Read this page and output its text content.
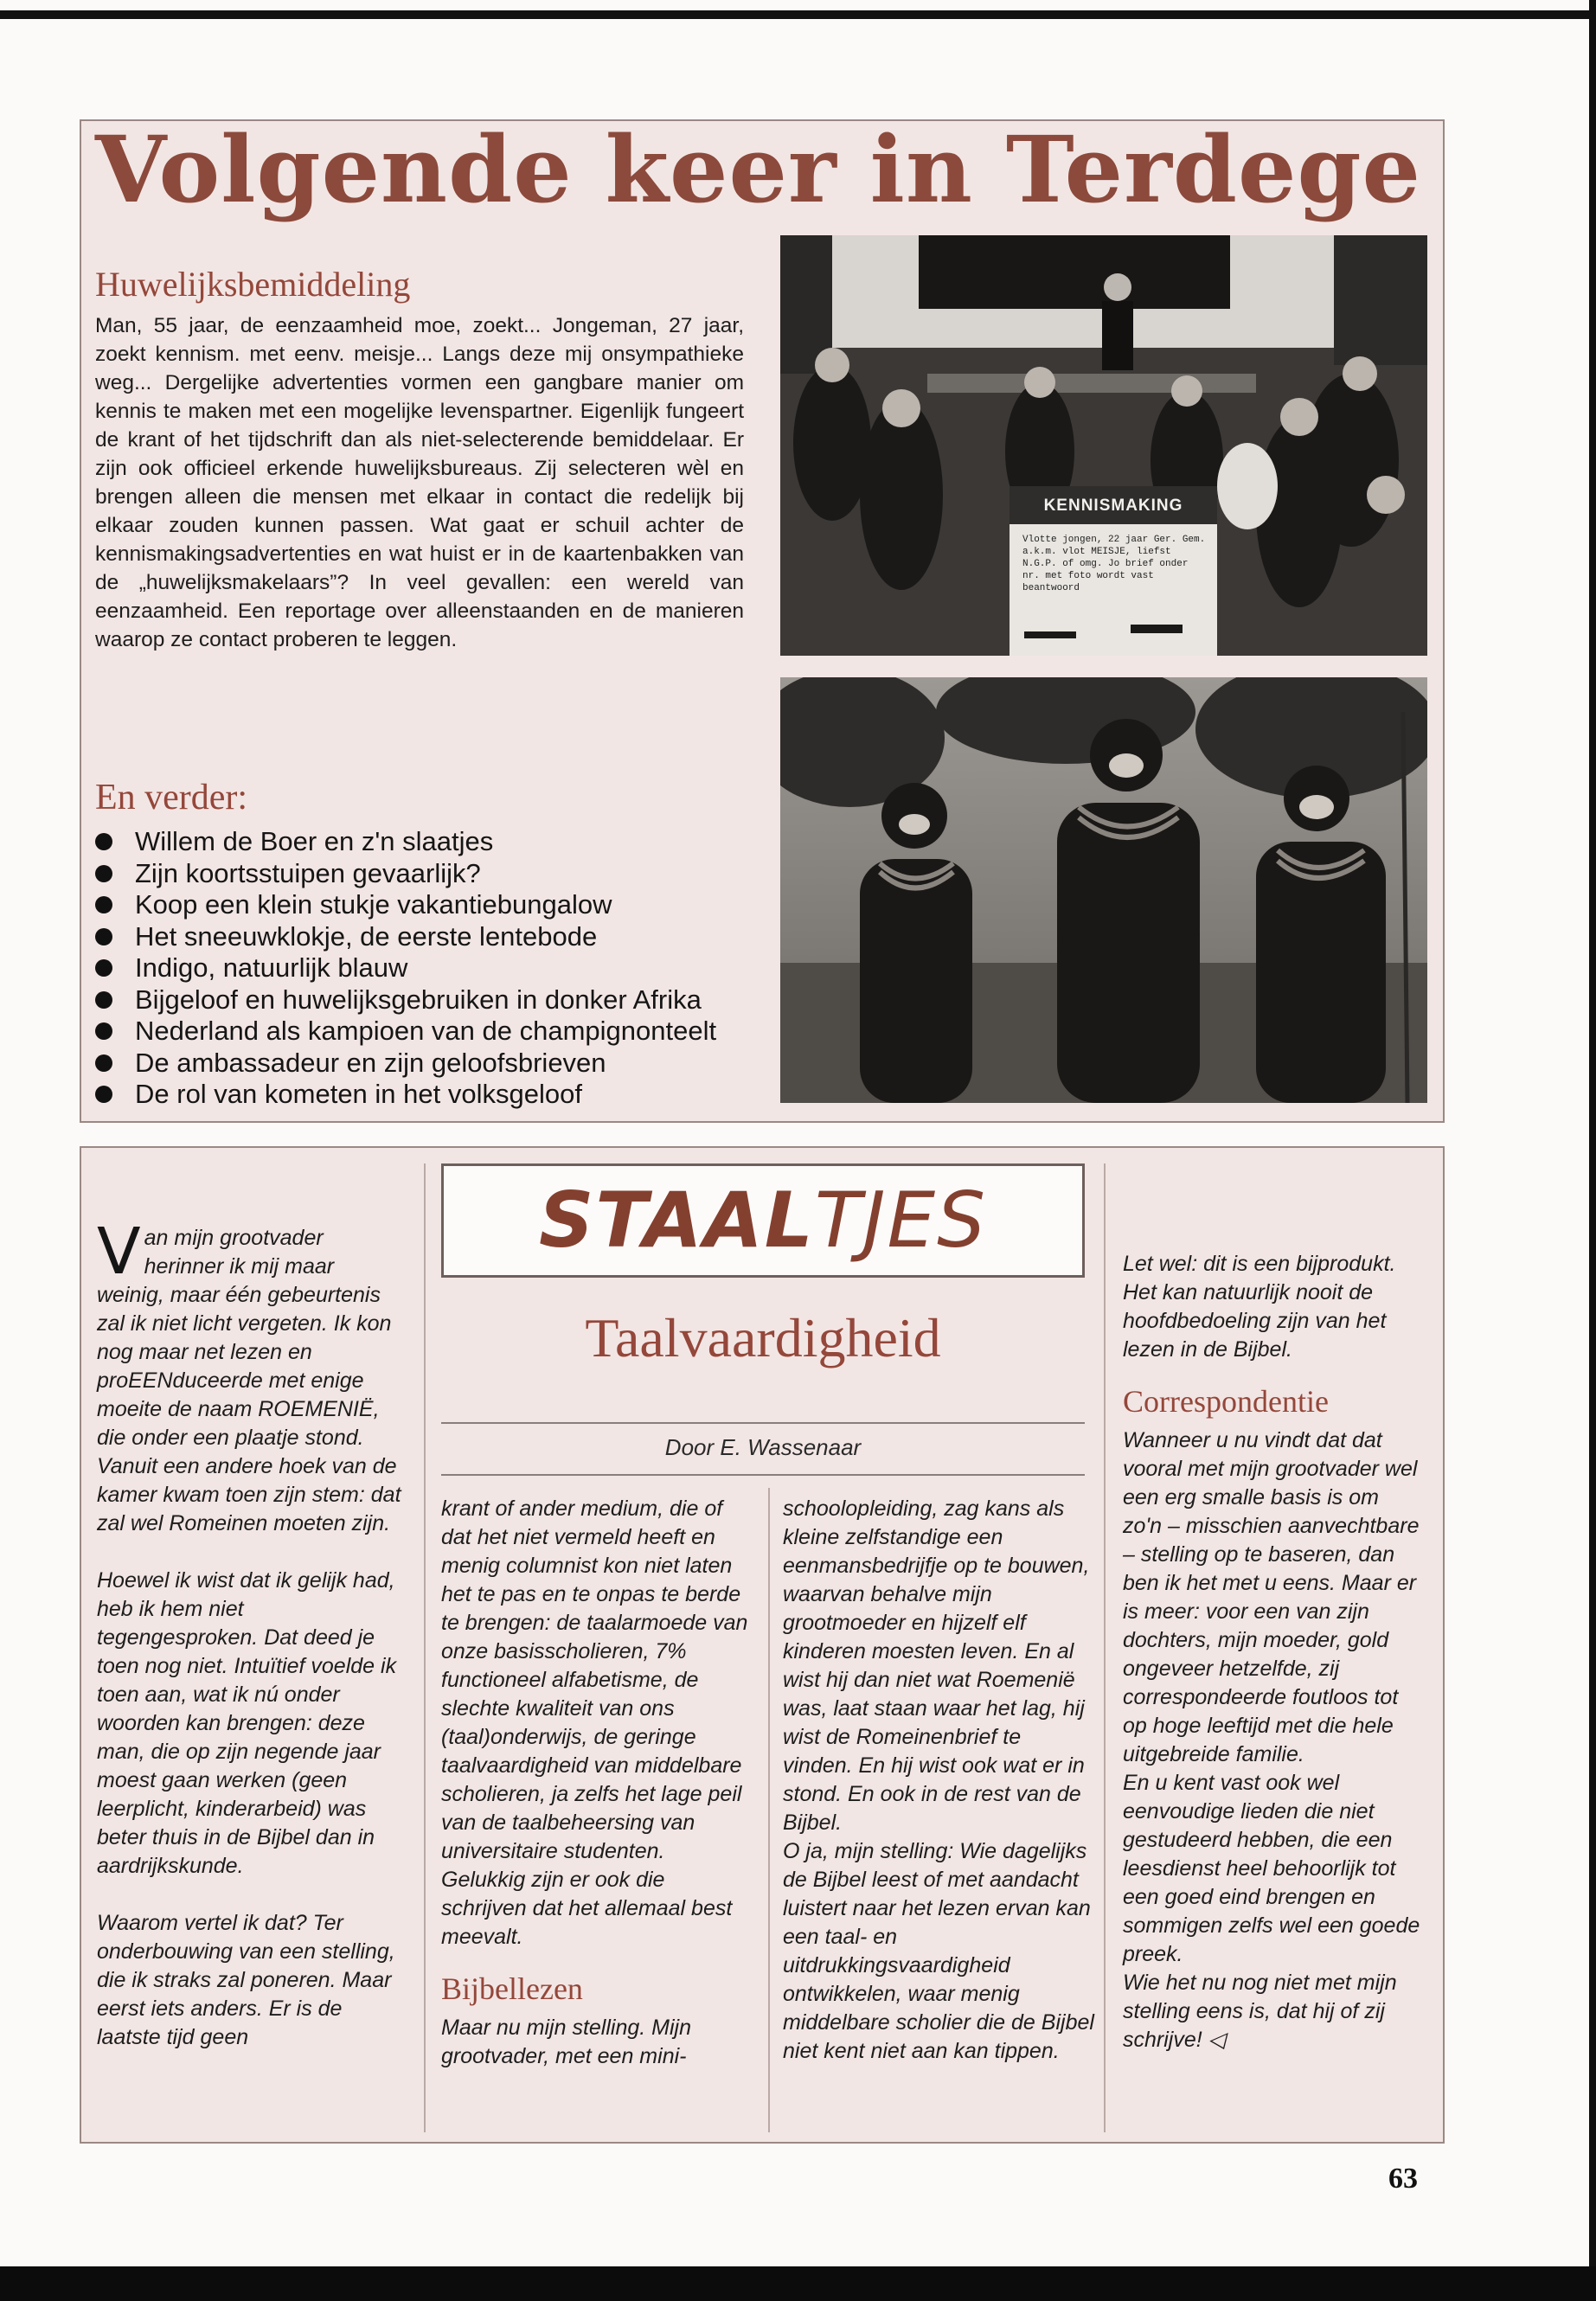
Volgende keer in Terdege
Huwelijksbemiddeling
Man, 55 jaar, de eenzaamheid moe, zoekt... Jongeman, 27 jaar, zoekt kennism. met eenv. meisje... Langs deze mij onsympathieke weg... Dergelijke advertenties vormen een gangbare manier om kennis te maken met een mogelijke levenspartner. Eigenlijk fungeert de krant of het tijdschrift dan als niet-selecterende bemiddelaar. Er zijn ook officieel erkende huwelijksbureaus. Zij selecteren wèl en brengen alleen die mensen met elkaar in contact die redelijk bij elkaar zouden kunnen passen. Wat gaat er schuil achter de kennismakingsadvertenties en wat huist er in de kaartenbakken van de „huwelijksmakelaars”? In veel gevallen: een wereld van eenzaamheid. Een reportage over alleenstaanden en de manieren waarop ze contact proberen te leggen.
En verder:
Willem de Boer en z'n slaatjes
Zijn koortsstuipen gevaarlijk?
Koop een klein stukje vakantiebungalow
Het sneeuwklokje, de eerste lentebode
Indigo, natuurlijk blauw
Bijgeloof en huwelijksgebruiken in donker Afrika
Nederland als kampioen van de champignonteelt
De ambassadeur en zijn geloofsbrieven
De rol van kometen in het volksgeloof
KENNISMAKING
Vlotte jongen, 22 jaar Ger. Gem. a.k.m. vlot MEISJE, liefst N.G.P. of omg. Jo brief onder nr. met foto wordt vast beantwoord
STAALTJES
Taalvaardigheid
Door E. Wassenaar

Van mijn grootvader herinner ik mij maar weinig, maar één gebeurtenis zal ik niet licht vergeten. Ik kon nog maar net lezen en proEENduceerde met enige moeite de naam ROEMENIË, die onder een plaatje stond. Vanuit een andere hoek van de kamer kwam toen zijn stem: dat zal wel Romeinen moeten zijn.

Hoewel ik wist dat ik gelijk had, heb ik hem niet tegengesproken. Dat deed je toen nog niet. Intuïtief voelde ik toen aan, wat ik nú onder woorden kan brengen: deze man, die op zijn negende jaar moest gaan werken (geen leerplicht, kinderarbeid) was beter thuis in de Bijbel dan in aardrijkskunde.

Waarom vertel ik dat? Ter onderbouwing van een stelling, die ik straks zal poneren. Maar eerst iets anders. Er is de laatste tijd geen

krant of ander medium, die of dat het niet vermeld heeft en menig columnist kon niet laten het te pas en te onpas te berde te brengen: de taalarmoede van onze basisscholieren, 7% functioneel alfabetisme, de slechte kwaliteit van ons (taal)onderwijs, de geringe taalvaardigheid van middelbare scholieren, ja zelfs het lage peil van de taalbeheersing van universitaire studenten. Gelukkig zijn er ook die schrijven dat het allemaal best meevalt.

Bijbellezen

Maar nu mijn stelling. Mijn grootvader, met een mini-

schoolopleiding, zag kans als kleine zelfstandige een eenmansbedrijfje op te bouwen, waarvan behalve mijn grootmoeder en hijzelf elf kinderen moesten leven. En al wist hij dan niet wat Roemenië was, laat staan waar het lag, hij wist de Romeinenbrief te vinden. En hij wist ook wat er in stond. En ook in de rest van de Bijbel.

O ja, mijn stelling: Wie dagelijks de Bijbel leest of met aandacht luistert naar het lezen ervan kan een taal- en uitdrukkingsvaardigheid ontwikkelen, waar menig middelbare scholier die de Bijbel niet kent niet aan kan tippen.

Let wel: dit is een bijprodukt. Het kan natuurlijk nooit de hoofdbedoeling zijn van het lezen in de Bijbel.

Correspondentie

Wanneer u nu vindt dat dat vooral met mijn grootvader wel een erg smalle basis is om zo'n – misschien aanvechtbare – stelling op te baseren, dan ben ik het met u eens. Maar er is meer: voor een van zijn dochters, mijn moeder, gold ongeveer hetzelfde, zij correspondeerde foutloos tot op hoge leeftijd met die hele uitgebreide familie.

En u kent vast ook wel eenvoudige lieden die niet gestudeerd hebben, die een leesdienst heel behoorlijk tot een goed eind brengen en sommigen zelfs wel een goede preek.

Wie het nu nog niet met mijn stelling eens is, dat hij of zij schrijve! ◁

63
